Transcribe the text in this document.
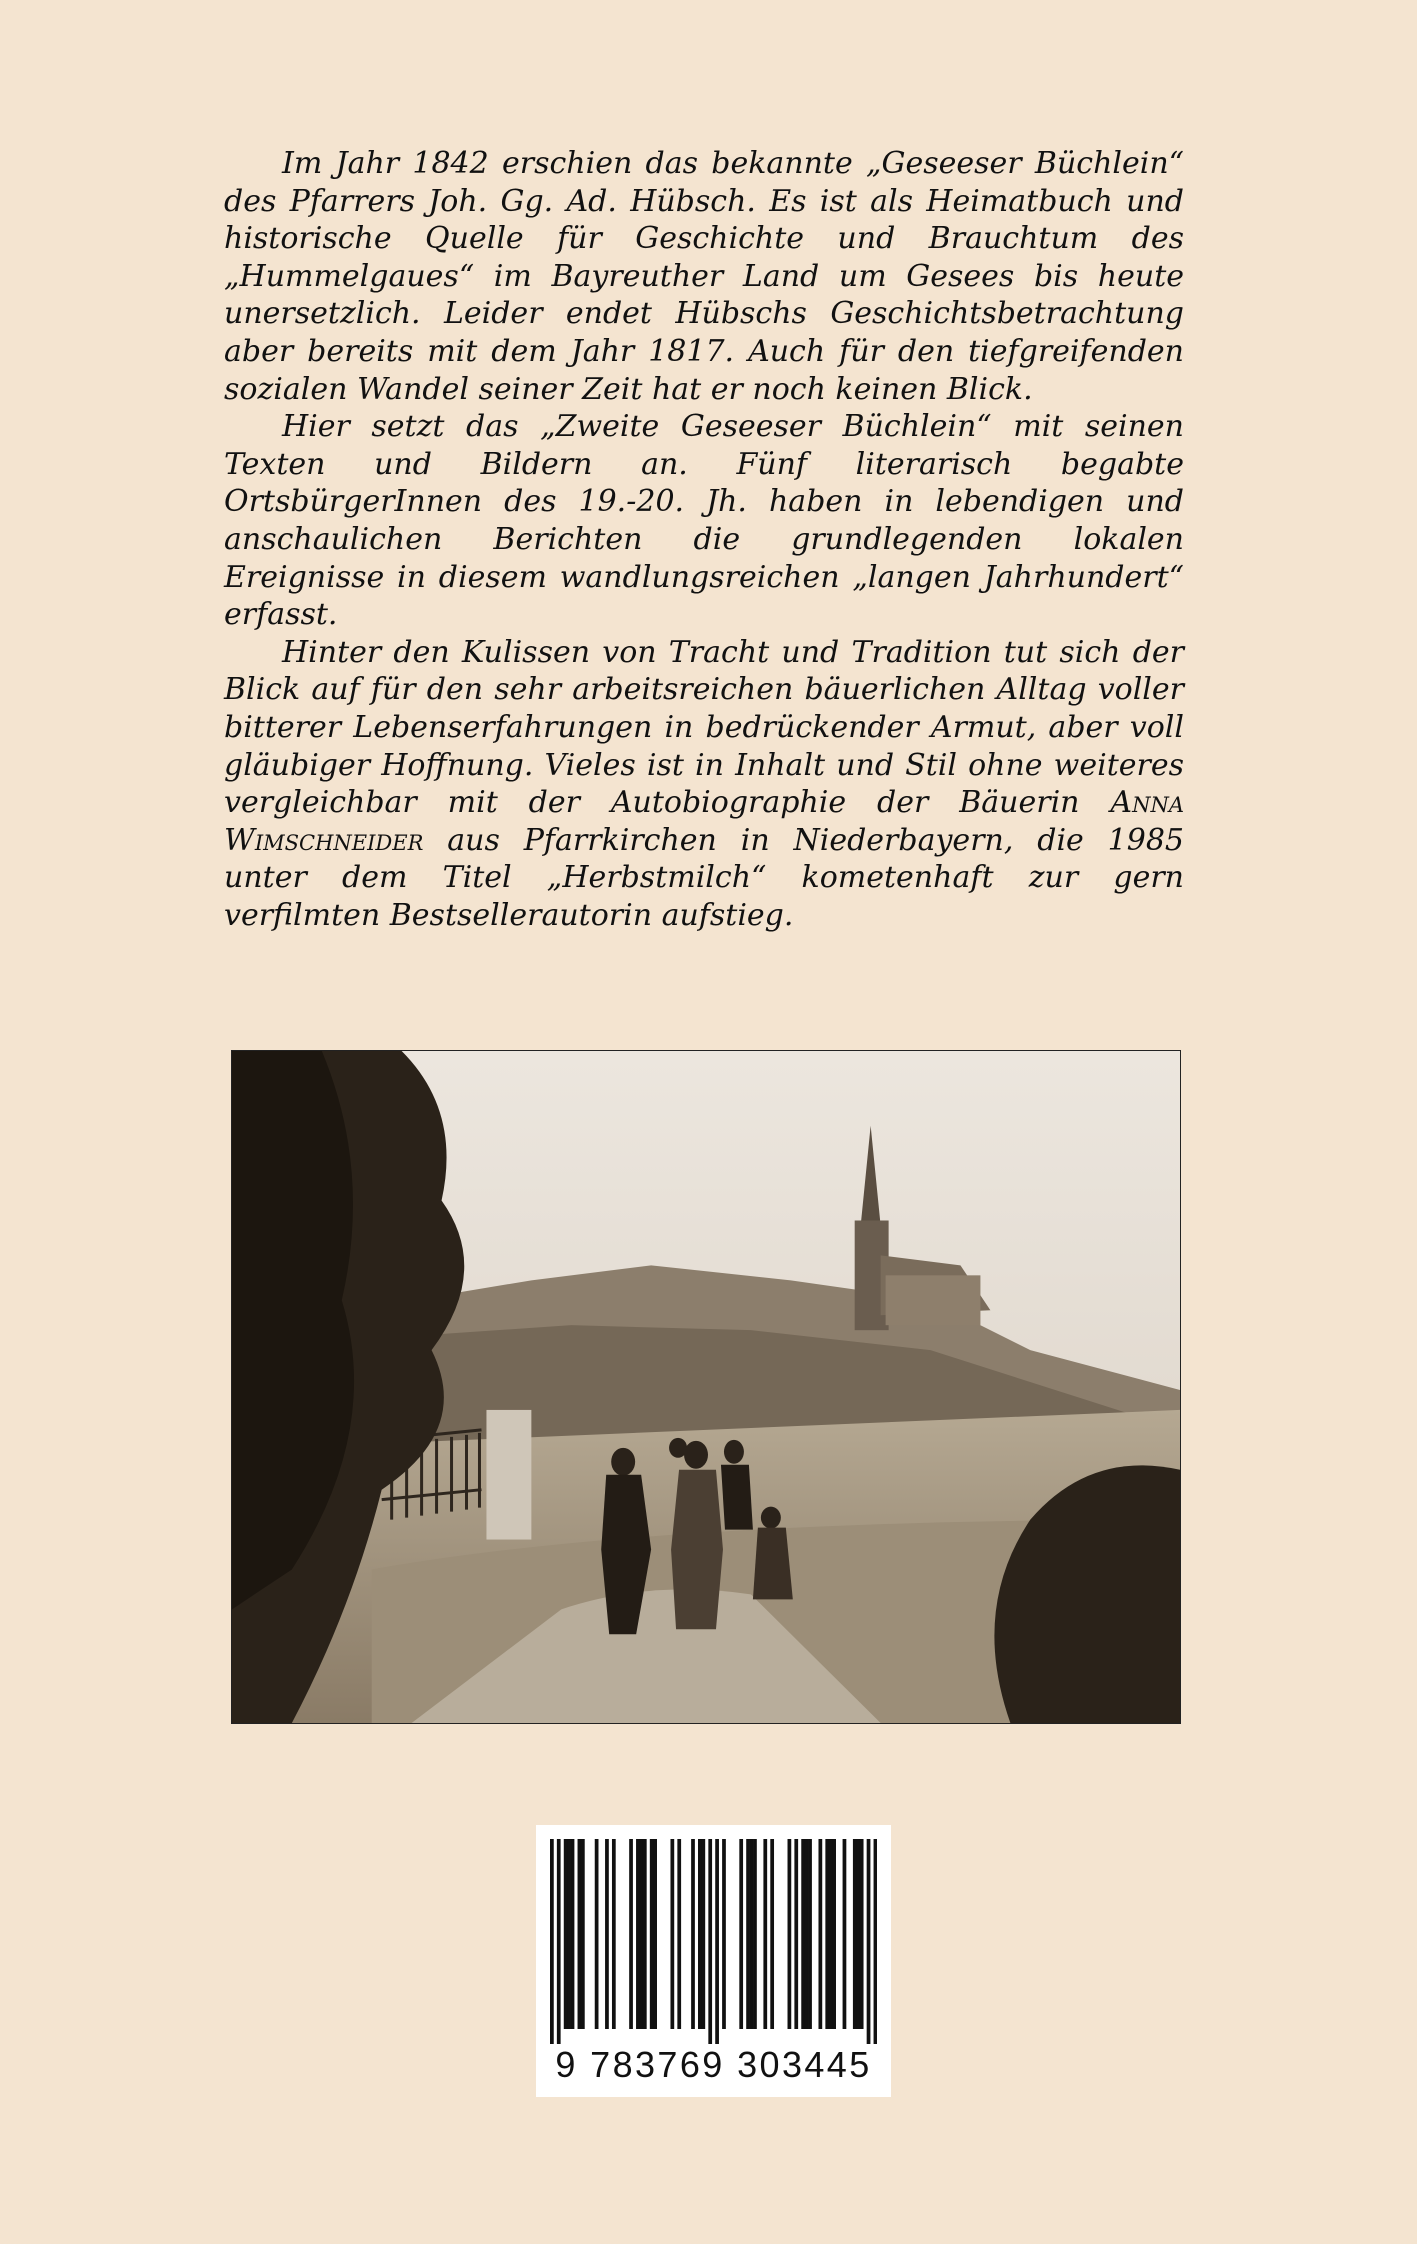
Im Jahr 1842 erschien das bekannte „Geseeser Büchlein“ des Pfarrers Joh. Gg. Ad. Hübsch. Es ist als Heimatbuch und historische Quelle für Geschichte und Brauchtum des „Hummelgaues“ im Bayreuther Land um Gesees bis heute unersetzlich. Leider endet Hübschs Geschichtsbetrachtung aber bereits mit dem Jahr 1817. Auch für den tiefgreifenden sozialen Wandel seiner Zeit hat er noch keinen Blick.

Hier setzt das „Zweite Geseeser Büchlein“ mit seinen Texten und Bildern an. Fünf literarisch begabte OrtsbürgerInnen des 19.-20. Jh. haben in lebendigen und anschaulichen Berichten die grundlegenden lokalen Ereignisse in diesem wandlungsreichen „langen Jahrhundert“ erfasst.

Hinter den Kulissen von Tracht und Tradition tut sich der Blick auf für den sehr arbeitsreichen bäuerlichen Alltag voller bitterer Lebenserfahrungen in bedrückender Armut, aber voll gläubiger Hoffnung. Vieles ist in Inhalt und Stil ohne weiteres vergleichbar mit der Autobiographie der Bäuerin Anna Wimschneider aus Pfarrkirchen in Niederbayern, die 1985 unter dem Titel „Herbstmilch“ kometenhaft zur gern verfilmten Bestsellerautorin aufstieg.

9 783769 303445
